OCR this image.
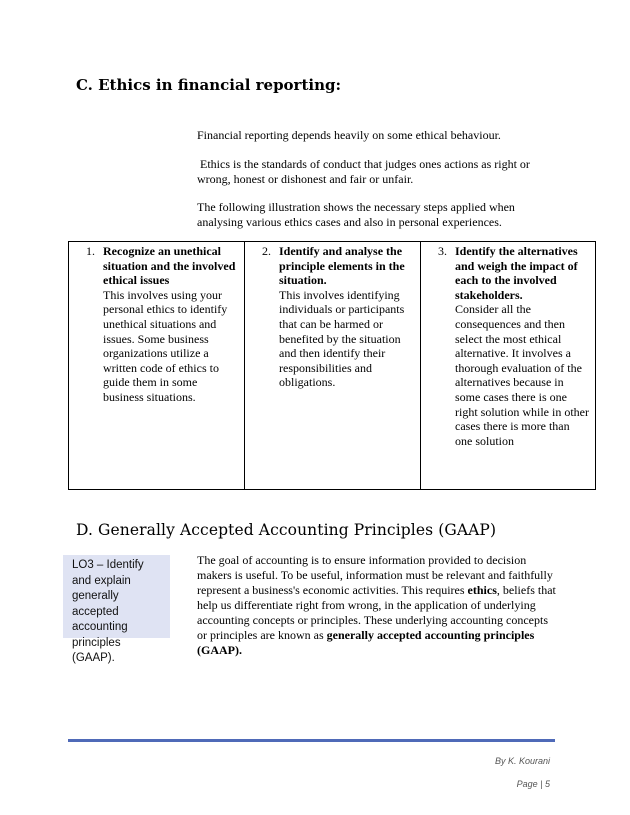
C. Ethics in financial reporting:
Financial reporting depends heavily on some ethical behaviour.
Ethics is the standards of conduct that judges ones actions as right or wrong, honest or dishonest and fair or unfair.
The following illustration shows the necessary steps applied when analysing various ethics cases and also in personal experiences.
1. Recognize an unethical situation and the involved ethical issues
This involves using your personal ethics to identify unethical situations and issues. Some business organizations utilize a written code of ethics to guide them in some business situations.

2. Identify and analyse the principle elements in the situation.
This involves identifying individuals or participants that can be harmed or benefited by the situation and then identify their responsibilities and obligations.

3. Identify the alternatives and weigh the impact of each to the involved stakeholders.
Consider all the consequences and then select the most ethical alternative. It involves a thorough evaluation of the alternatives because in some cases there is one right solution while in other cases there is more than one solution
D. Generally Accepted Accounting Principles (GAAP)
LO3 – Identify and explain generally accepted accounting principles (GAAP).
The goal of accounting is to ensure information provided to decision makers is useful. To be useful, information must be relevant and faithfully represent a business's economic activities. This requires ethics, beliefs that help us differentiate right from wrong, in the application of underlying accounting concepts or principles. These underlying accounting concepts or principles are known as generally accepted accounting principles (GAAP).
By K. Kourani
Page | 5
